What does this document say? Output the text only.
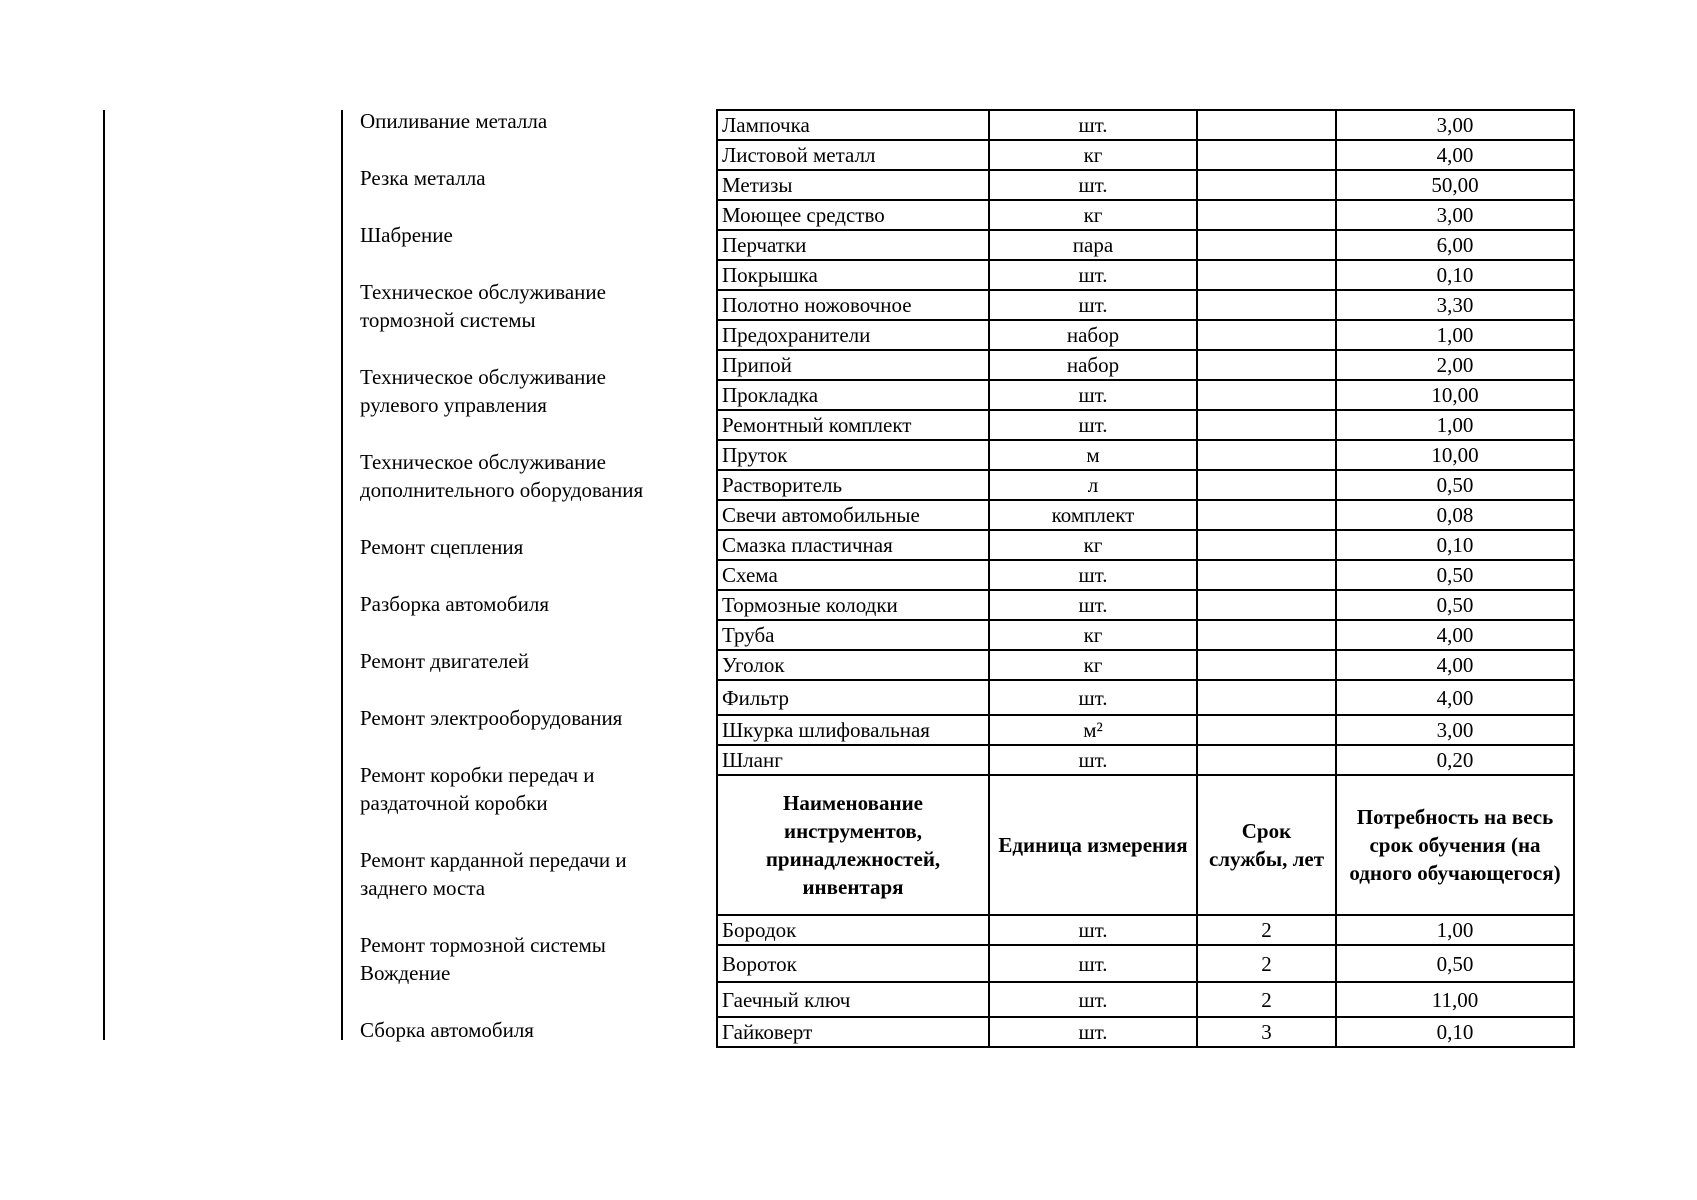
Опиливание металла
Резка металла
Шабрение
Техническое обслуживание
тормозной системы
Техническое обслуживание
рулевого управления
Техническое обслуживание
дополнительного оборудования
Ремонт сцепления
Разборка автомобиля
Ремонт двигателей
Ремонт электрооборудования
Ремонт коробки передач и
раздаточной коробки
Ремонт карданной передачи и
заднего моста
Ремонт тормозной системы
Вождение
Сборка автомобиля
Лампочка	шт.		3,00
Листовой металл	кг		4,00
Метизы	шт.		50,00
Моющее средство	кг		3,00
Перчатки	пара		6,00
Покрышка	шт.		0,10
Полотно ножовочное	шт.		3,30
Предохранители	набор		1,00
Припой	набор		2,00
Прокладка	шт.		10,00
Ремонтный комплект	шт.		1,00
Пруток	м		10,00
Растворитель	л		0,50
Свечи автомобильные	комплект		0,08
Смазка пластичная	кг		0,10
Схема	шт.		0,50
Тормозные колодки	шт.		0,50
Труба	кг		4,00
Уголок	кг		4,00
Фильтр	шт.		4,00
Шкурка шлифовальная	м²		3,00
Шланг	шт.		0,20
Наименование инструментов, принадлежностей, инвентаря	Единица измерения	Срок службы, лет	Потребность на весь срок обучения (на одного обучающегося)
Бородок	шт.	2	1,00
Вороток	шт.	2	0,50
Гаечный ключ	шт.	2	11,00
Гайковерт	шт.	3	0,10
